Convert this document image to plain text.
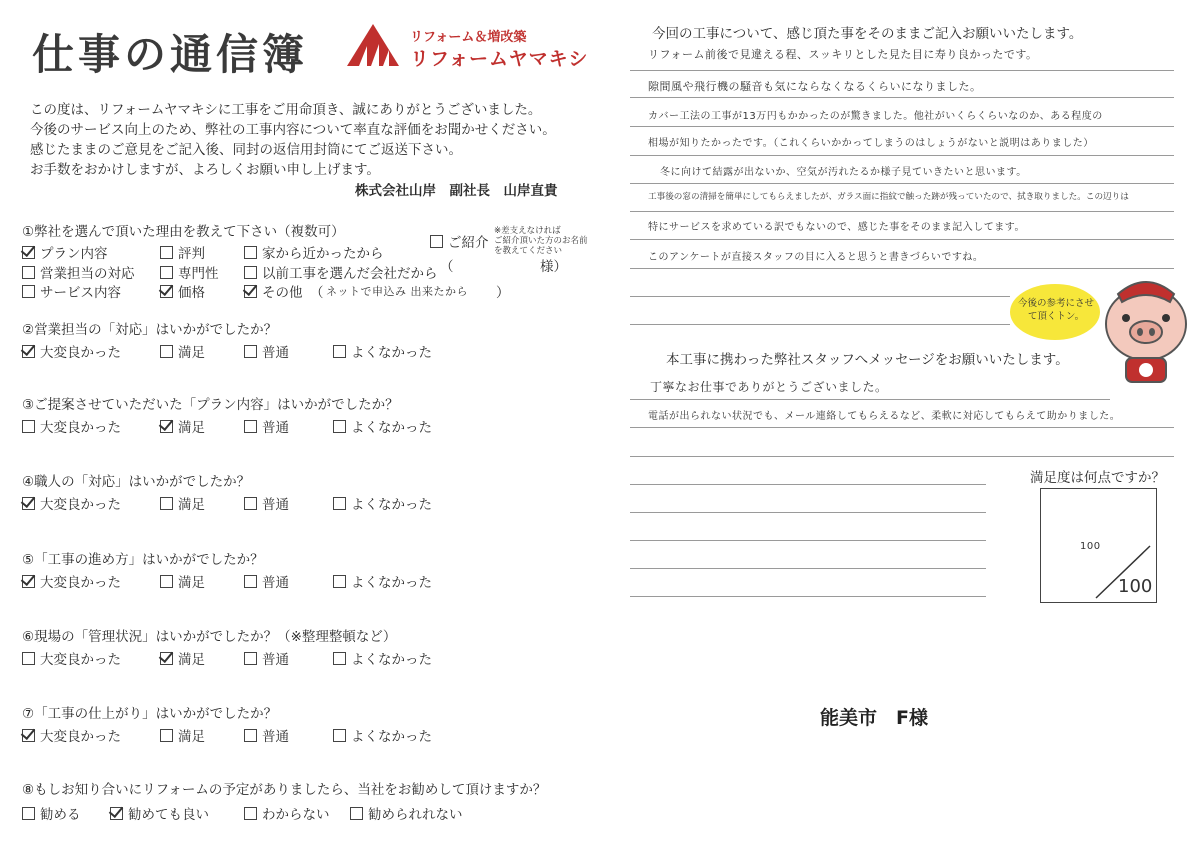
仕事の通信簿	リフォーム＆増改築
リフォームヤマキシ
この度は、リフォームヤマキシに工事をご用命頂き、誠にありがとうございました。
今後のサービス向上のため、弊社の工事内容について率直な評価をお聞かせください。
感じたままのご意見をご記入後、同封の返信用封筒にてご返送下さい。
お手数をおかけしますが、よろしくお願い申し上げます。
株式会社山岸　副社長　山岸直貴
①弊社を選んで頂いた理由を教えて下さい（複数可）
プラン内容	評判	家から近かったから
営業担当の対応	専門性	以前工事を選んだ会社だから
サービス内容	価格	その他 （ ネットで申込み 出来たから ）
ご紹介
※差支えなければ
ご紹介頂いた方のお名前
を教えてください
（	様）
②営業担当の「対応」はいかがでしたか？
大変良かった	満足	普通	よくなかった
③ご提案させていただいた「プラン内容」はいかがでしたか？
大変良かった	満足	普通	よくなかった
④職人の「対応」はいかがでしたか？
大変良かった	満足	普通	よくなかった
⑤「工事の進め方」はいかがでしたか？
大変良かった	満足	普通	よくなかった
⑥現場の「管理状況」はいかがでしたか？（※整理整頓など）
大変良かった	満足	普通	よくなかった
⑦「工事の仕上がり」はいかがでしたか？
大変良かった	満足	普通	よくなかった
⑧もしお知り合いにリフォームの予定がありましたら、当社をお勧めして頂けますか？
勧める	勧めても良い	わからない	勧められれない
今回の工事について、感じ頂た事をそのままご記入お願いいたします。
リフォーム前後で見違える程、スッキリとした見た目に寿り良かったです。
隙間風や飛行機の騒音も気にならなくなるくらいになりました。
カバー工法の工事が13万円もかかったのが驚きました。他社がいくらくらいなのか、ある程度の
相場が知りたかったです。（これくらいかかってしまうのはしょうがないと説明はありました）
冬に向けて結露が出ないか、空気が汚れたるか様子見ていきたいと思います。
工事後の窓の清掃を簡単にしてもらえましたが、ガラス面に指紋で触った跡が残っていたので、拭き取りました。この辺りは
特にサービスを求めている訳でもないので、感じた事をそのまま記入してます。
このアンケートが直接スタッフの目に入ると思うと書きづらいですね。
今後の参考にさせて頂くトン。
本工事に携わった弊社スタッフへメッセージをお願いいたします。
丁寧なお仕事でありがとうございました。
電話が出られない状況でも、メール連絡してもらえるなど、柔軟に対応してもらえて助かりました。
満足度は何点ですか？
100
100
能美市　F様
